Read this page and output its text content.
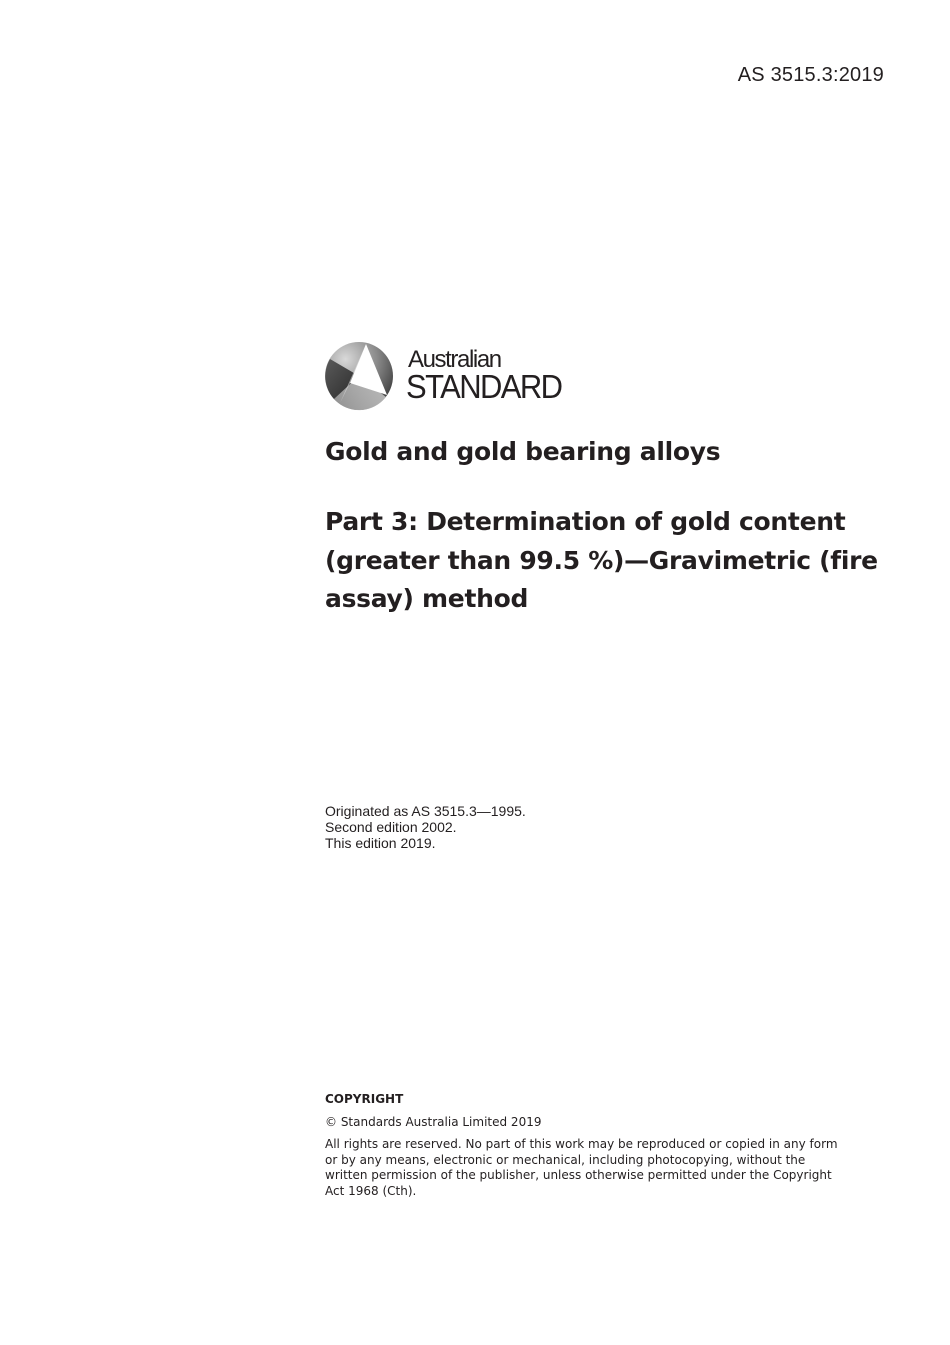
AS 3515.3:2019
Australian
STANDARD
Gold and gold bearing alloys
Part 3: Determination of gold content
(greater than 99.5 %)—Gravimetric (fire
assay) method
Originated as AS 3515.3—1995.
Second edition 2002.
This edition 2019.
COPYRIGHT
© Standards Australia Limited 2019
All rights are reserved. No part of this work may be reproduced or copied in any form or by any means, electronic or mechanical, including photocopying, without the written permission of the publisher, unless otherwise permitted under the Copyright Act 1968 (Cth).
